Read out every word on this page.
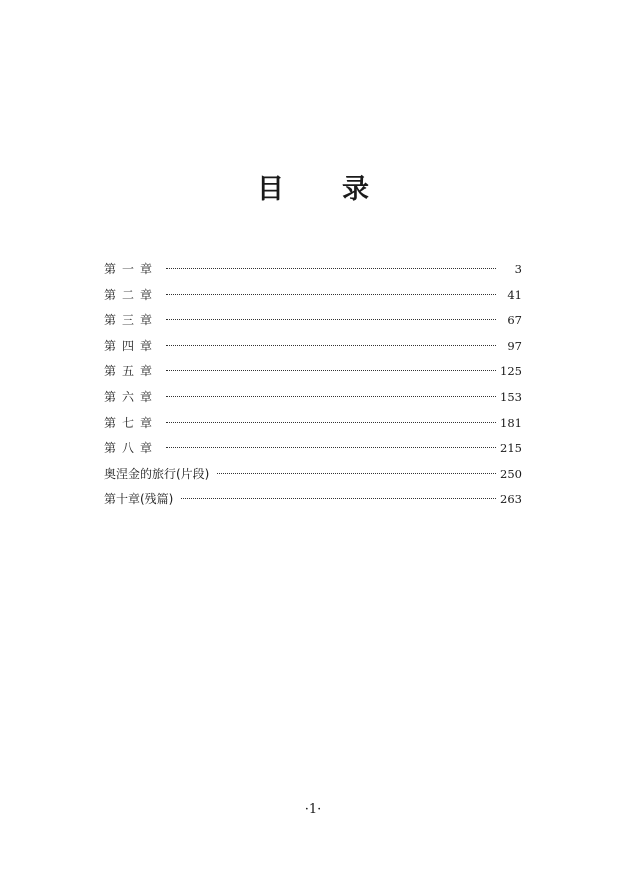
目 录
第一章	3
第二章	41
第三章	67
第四章	97
第五章	125
第六章	153
第七章	181
第八章	215
奥涅金的旅行(片段)	250
第十章(残篇)	263
·1·
